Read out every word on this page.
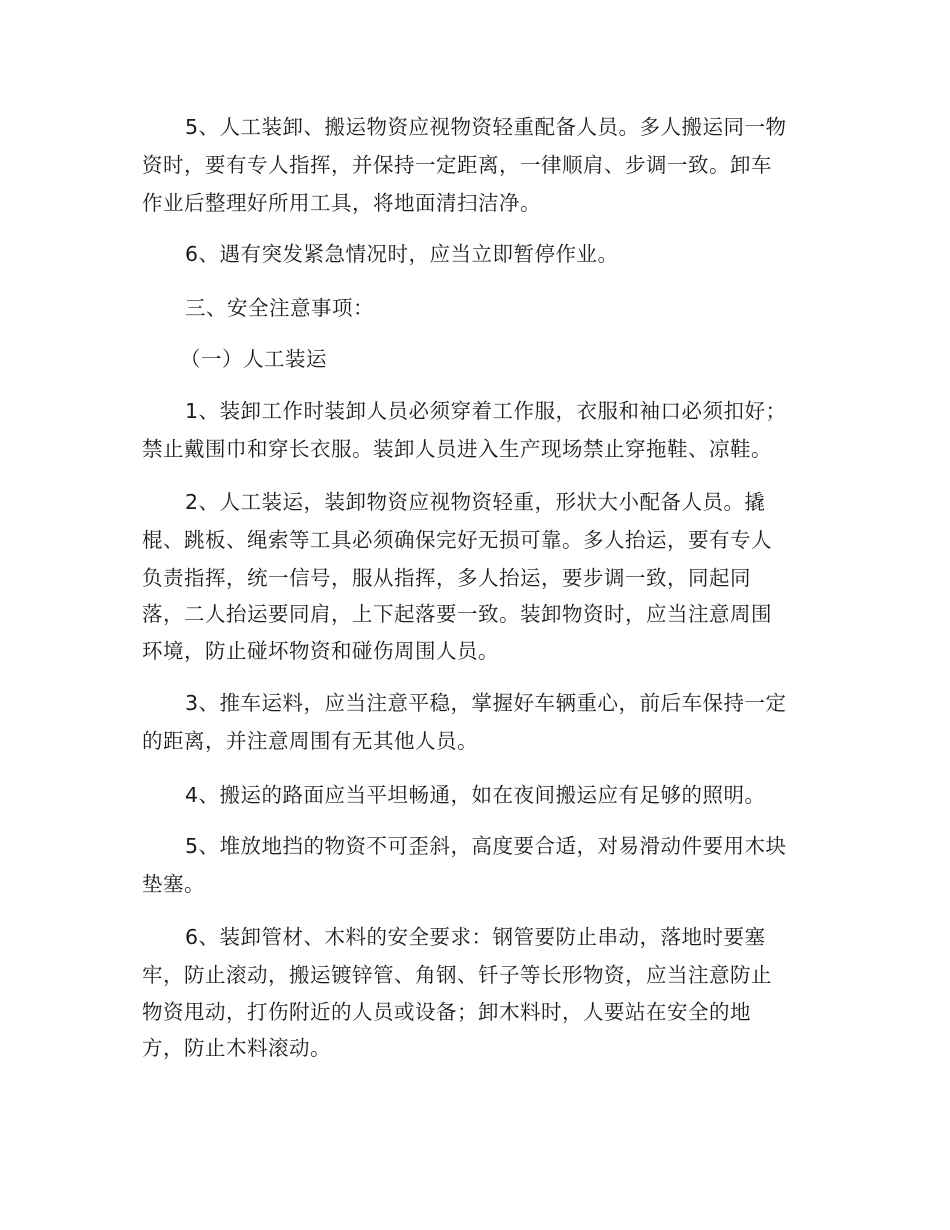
5、人工装卸、搬运物资应视物资轻重配备人员。多人搬运同一物
资时，要有专人指挥，并保持一定距离，一律顺肩、步调一致。卸车
作业后整理好所用工具，将地面清扫洁净。
6、遇有突发紧急情况时，应当立即暂停作业。
三、安全注意事项：
（一）人工装运
1、装卸工作时装卸人员必须穿着工作服，衣服和袖口必须扣好；
禁止戴围巾和穿长衣服。装卸人员进入生产现场禁止穿拖鞋、凉鞋。
2、人工装运，装卸物资应视物资轻重，形状大小配备人员。撬
棍、跳板、绳索等工具必须确保完好无损可靠。多人抬运，要有专人
负责指挥，统一信号，服从指挥，多人抬运，要步调一致，同起同
落，二人抬运要同肩，上下起落要一致。装卸物资时，应当注意周围
环境，防止碰坏物资和碰伤周围人员。
3、推车运料，应当注意平稳，掌握好车辆重心，前后车保持一定
的距离，并注意周围有无其他人员。
4、搬运的路面应当平坦畅通，如在夜间搬运应有足够的照明。
5、堆放地挡的物资不可歪斜，高度要合适，对易滑动件要用木块
垫塞。
6、装卸管材、木料的安全要求：钢管要防止串动，落地时要塞
牢，防止滚动，搬运镀锌管、角钢、钎子等长形物资，应当注意防止
物资甩动，打伤附近的人员或设备；卸木料时，人要站在安全的地
方，防止木料滚动。
